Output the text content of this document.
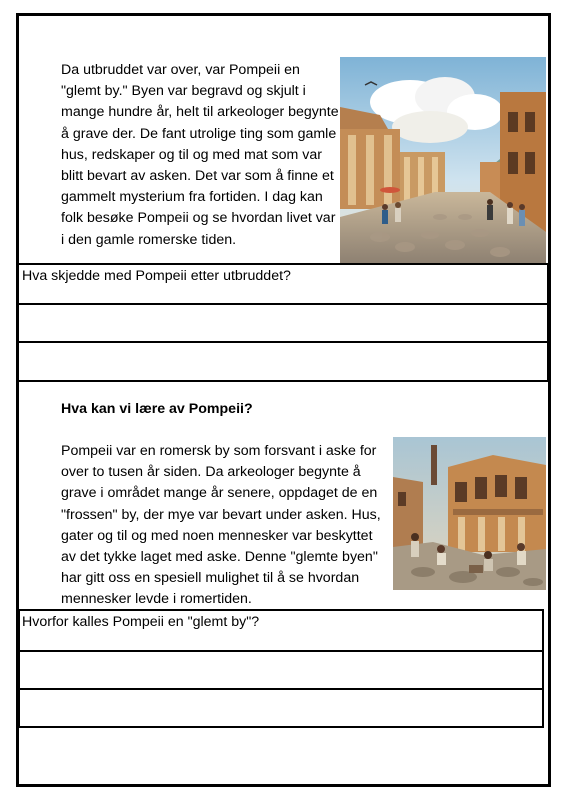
Da utbruddet var over, var Pompeii en "glemt by." Byen var begravd og skjult i mange hundre år, helt til arkeologer begynte å grave der. De fant utrolige ting som gamle hus, redskaper og til og med mat som var blitt bevart av asken. Det var som å finne et gammelt mysterium fra fortiden. I dag kan folk besøke Pompeii og se hvordan livet var i den gamle romerske tiden.

Hva skjedde med Pompeii etter utbruddet?

Hva kan vi lære av Pompeii?

Pompeii var en romersk by som forsvant i aske for over to tusen år siden. Da arkeologer begynte å grave i området mange år senere, oppdaget de en "frossen" by, der mye var bevart under asken. Hus, gater og til og med noen mennesker var beskyttet av det tykke laget med aske. Denne "glemte byen" har gitt oss en spesiell mulighet til å se hvordan mennesker levde i romertiden.

Hvorfor kalles Pompeii en "glemt by"?
